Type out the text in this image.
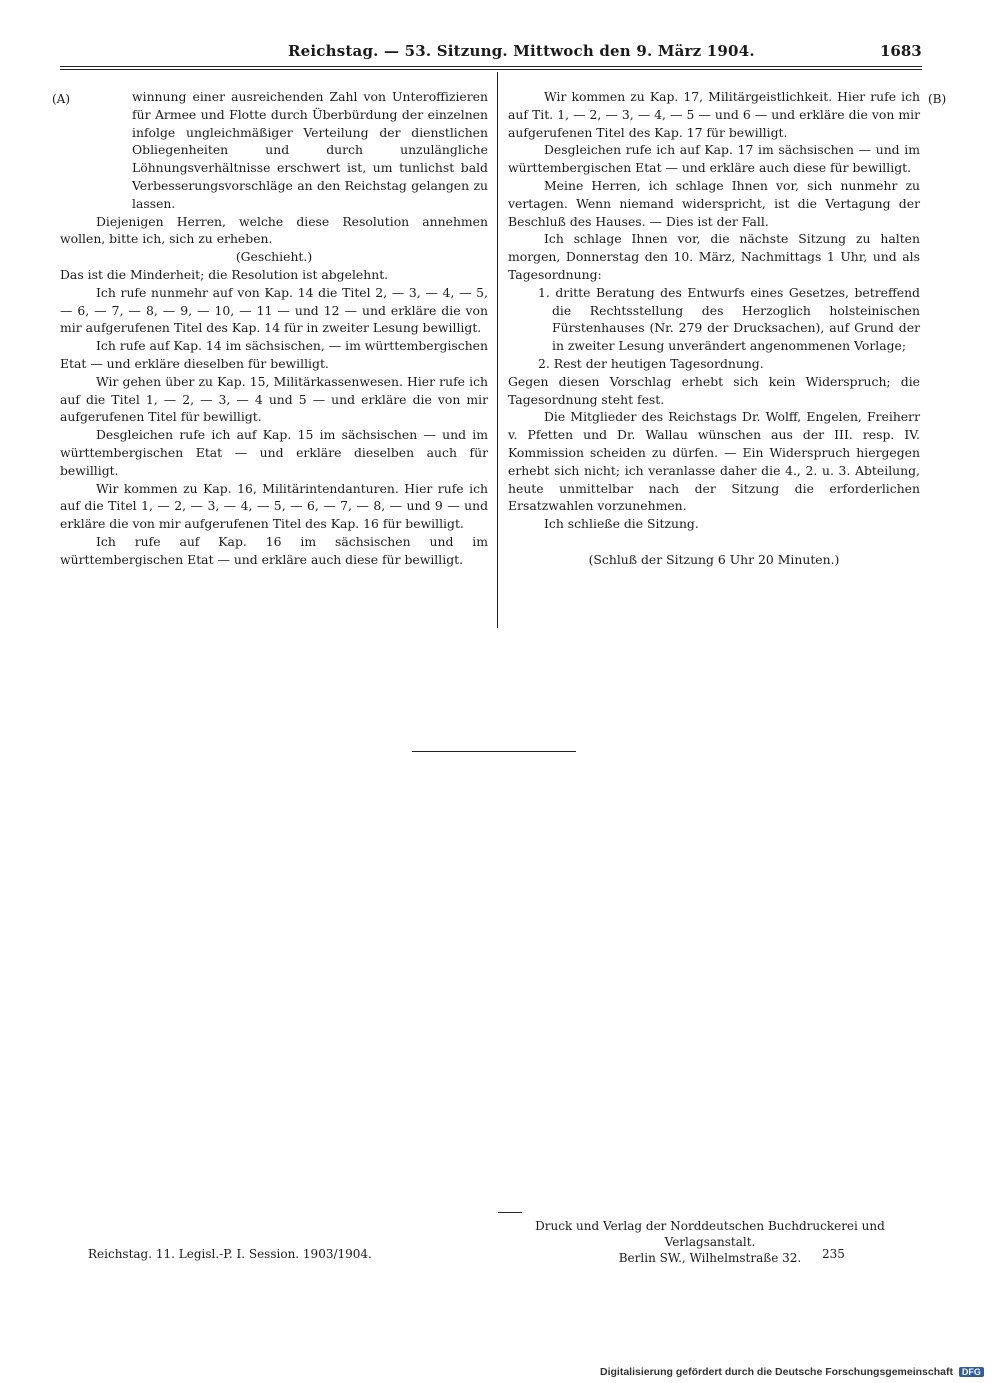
Reichstag. — 53. Sitzung. Mittwoch den 9. März 1904.	1683
(A)	(B)

winnung einer ausreichenden Zahl von Unteroffizieren für Armee und Flotte durch Überbürdung der einzelnen infolge ungleichmäßiger Verteilung der dienstlichen Obliegenheiten und durch unzulängliche Löhnungsverhältnisse erschwert ist, um tunlichst bald Verbesserungsvorschläge an den Reichstag gelangen zu lassen.

Diejenigen Herren, welche diese Resolution annehmen wollen, bitte ich, sich zu erheben.

(Geschieht.)

Das ist die Minderheit; die Resolution ist abgelehnt.

Ich rufe nunmehr auf von Kap. 14 die Titel 2, — 3, — 4, — 5, — 6, — 7, — 8, — 9, — 10, — 11 — und 12 — und erkläre die von mir aufgerufenen Titel des Kap. 14 für in zweiter Lesung bewilligt.

Ich rufe auf Kap. 14 im sächsischen, — im württembergischen Etat — und erkläre dieselben für bewilligt.

Wir gehen über zu Kap. 15, Militärkassenwesen. Hier rufe ich auf die Titel 1, — 2, — 3, — 4 und 5 — und erkläre die von mir aufgerufenen Titel für bewilligt.

Desgleichen rufe ich auf Kap. 15 im sächsischen — und im württembergischen Etat — und erkläre dieselben auch für bewilligt.

Wir kommen zu Kap. 16, Militärintendanturen. Hier rufe ich auf die Titel 1, — 2, — 3, — 4, — 5, — 6, — 7, — 8, — und 9 — und erkläre die von mir aufgerufenen Titel des Kap. 16 für bewilligt.

Ich rufe auf Kap. 16 im sächsischen und im württembergischen Etat — und erkläre auch diese für bewilligt.

Wir kommen zu Kap. 17, Militärgeistlichkeit. Hier rufe ich auf Tit. 1, — 2, — 3, — 4, — 5 — und 6 — und erkläre die von mir aufgerufenen Titel des Kap. 17 für bewilligt.

Desgleichen rufe ich auf Kap. 17 im sächsischen — und im württembergischen Etat — und erkläre auch diese für bewilligt.

Meine Herren, ich schlage Ihnen vor, sich nunmehr zu vertagen. Wenn niemand widerspricht, ist die Vertagung der Beschluß des Hauses. — Dies ist der Fall.

Ich schlage Ihnen vor, die nächste Sitzung zu halten morgen, Donnerstag den 10. März, Nachmittags 1 Uhr, und als Tagesordnung:

1. dritte Beratung des Entwurfs eines Gesetzes, betreffend die Rechtsstellung des Herzoglich holsteinischen Fürstenhauses (Nr. 279 der Drucksachen), auf Grund der in zweiter Lesung unverändert angenommenen Vorlage;

2. Rest der heutigen Tagesordnung.

Gegen diesen Vorschlag erhebt sich kein Widerspruch; die Tagesordnung steht fest.

Die Mitglieder des Reichstags Dr. Wolff, Engelen, Freiherr v. Pfetten und Dr. Wallau wünschen aus der III. resp. IV. Kommission scheiden zu dürfen. — Ein Widerspruch hiergegen erhebt sich nicht; ich veranlasse daher die 4., 2. u. 3. Abteilung, heute unmittelbar nach der Sitzung die erforderlichen Ersatzwahlen vorzunehmen.

Ich schließe die Sitzung.

(Schluß der Sitzung 6 Uhr 20 Minuten.)

Druck und Verlag der Norddeutschen Buchdruckerei und Verlagsanstalt.
Berlin SW., Wilhelmstraße 32.
Reichstag. 11. Legisl.-P. I. Session. 1903/1904.	235
Digitalisierung gefördert durch die Deutsche Forschungsgemeinschaft DFG
